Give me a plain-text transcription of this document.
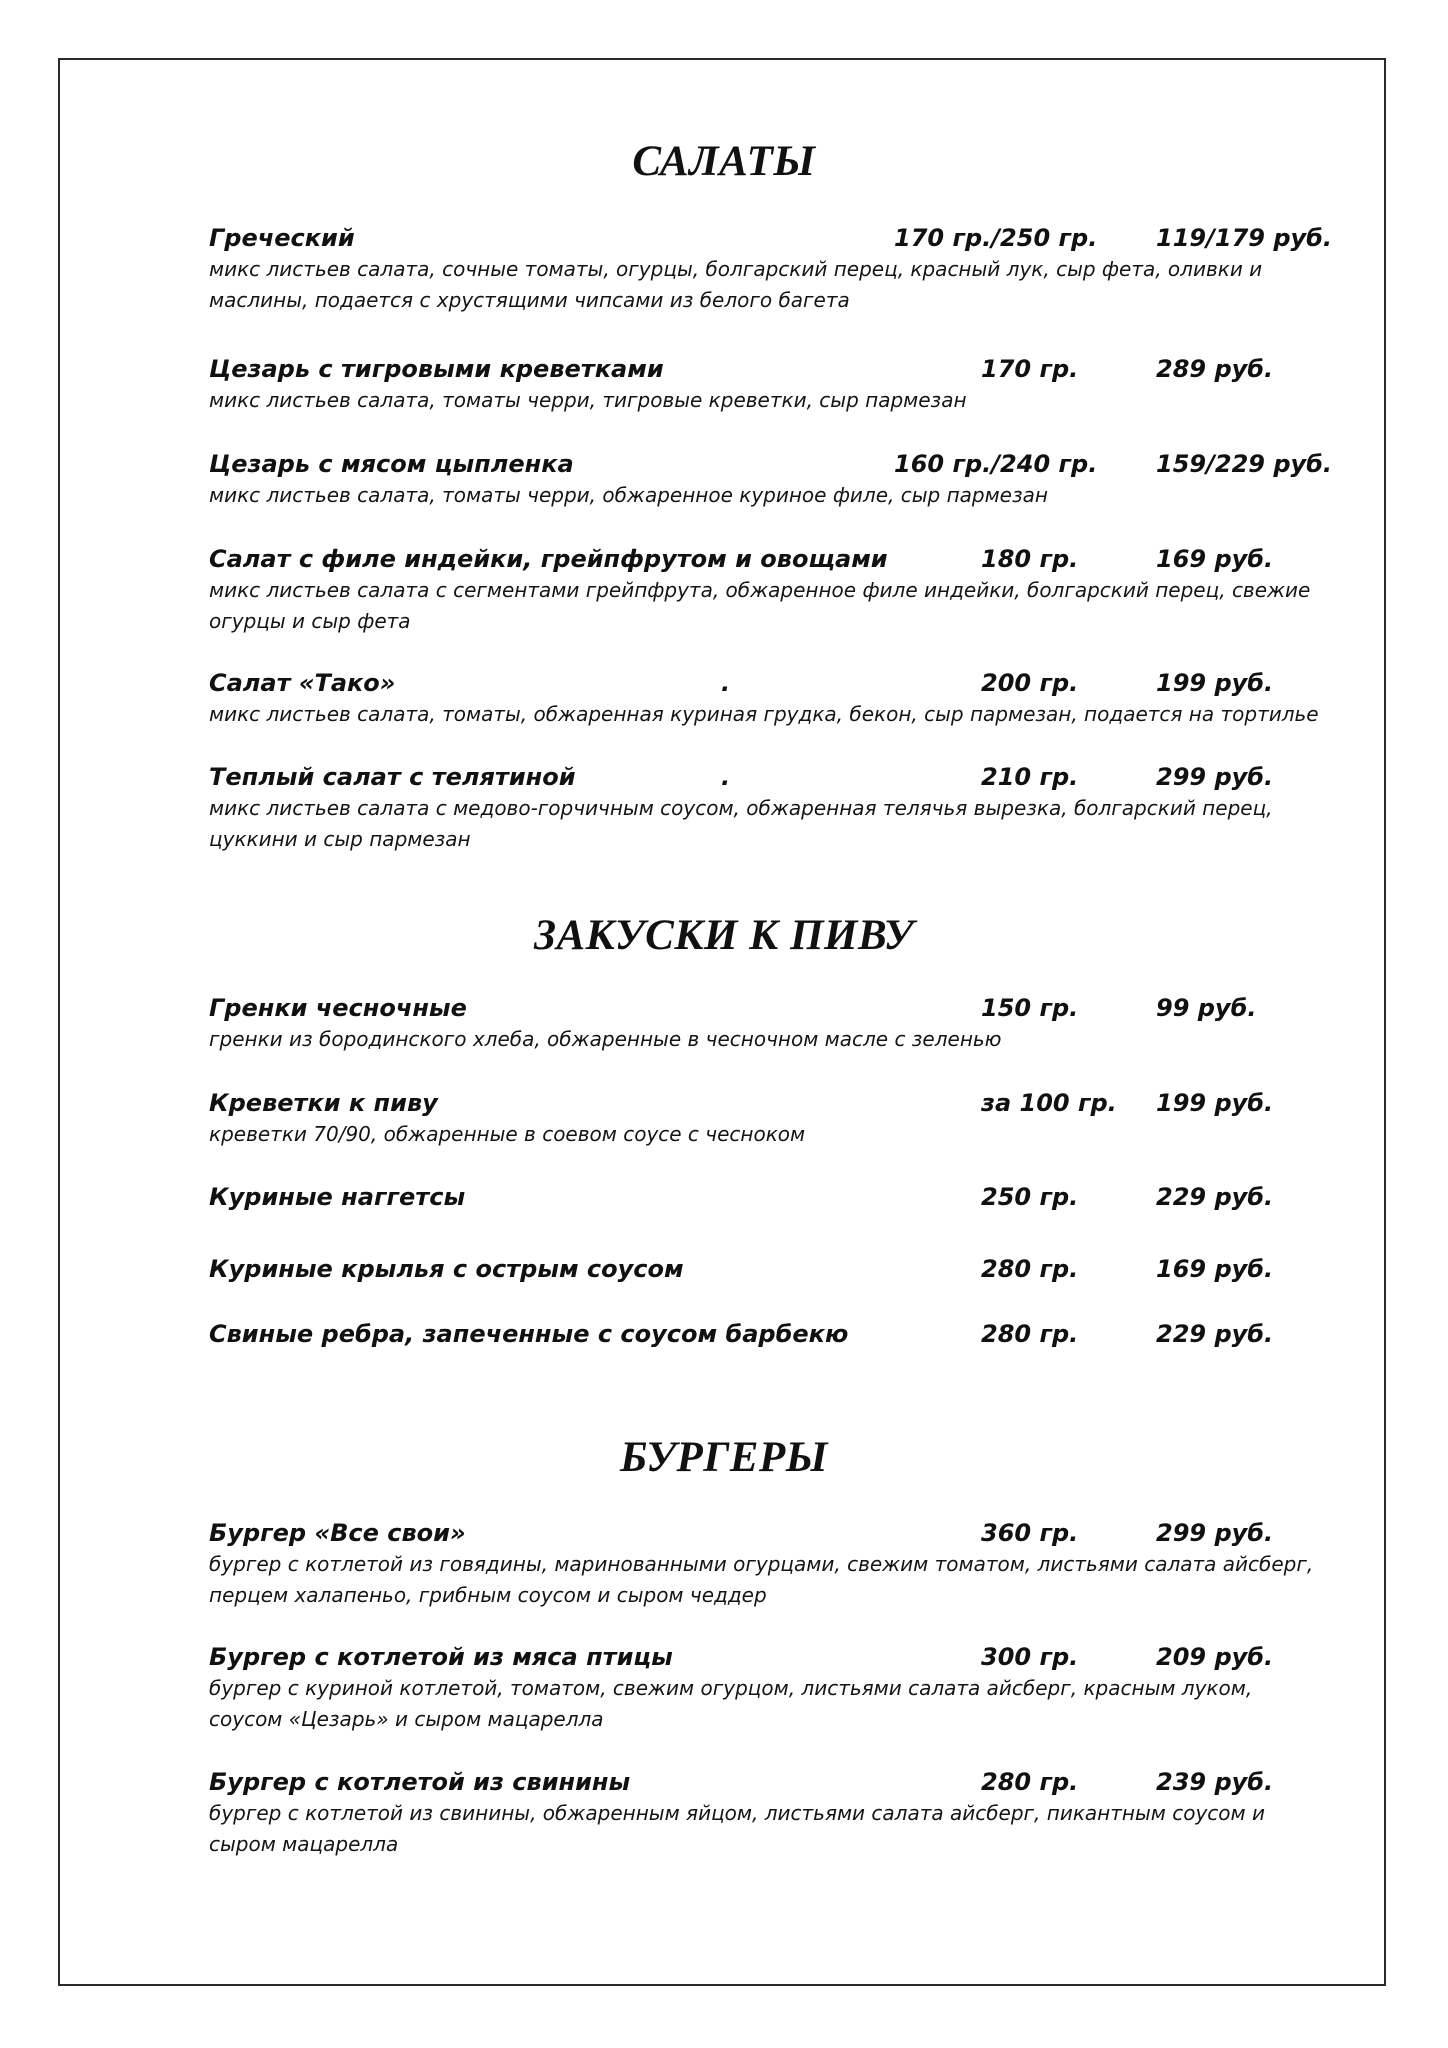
САЛАТЫ
Греческий	170 гр./250 гр. 119/179 руб.
микс листьев салата, сочные томаты, огурцы, болгарский перец, красный лук, сыр фета, оливки и
маслины, подается с хрустящими чипсами из белого багета
Цезарь с тигровыми креветками	170 гр.	289 руб.
микс листьев салата, томаты черри, тигровые креветки, сыр пармезан
Цезарь с мясом цыпленка	160 гр./240 гр. 159/229 руб.
микс листьев салата, томаты черри, обжаренное куриное филе, сыр пармезан
Салат с филе индейки, грейпфрутом и овощами	180 гр.	169 руб.
микс листьев салата с сегментами грейпфрута, обжаренное филе индейки, болгарский перец, свежие
огурцы и сыр фета
Салат «Тако»	.	200 гр.	199 руб.
микс листьев салата, томаты, обжаренная куриная грудка, бекон, сыр пармезан, подается на тортилье
Теплый салат с телятиной	.	210 гр.	299 руб.
микс листьев салата с медово-горчичным соусом, обжаренная телячья вырезка, болгарский перец,
цуккини и сыр пармезан
ЗАКУСКИ К ПИВУ
Гренки чесночные	150 гр.	99 руб.
гренки из бородинского хлеба, обжаренные в чесночном масле с зеленью
Креветки к пиву	за 100 гр. 199 руб.
креветки 70/90, обжаренные в соевом соусе с чесноком
Куриные наггетсы	250 гр.	229 руб.
Куриные крылья с острым соусом	280 гр.	169 руб.
Свиные ребра, запеченные с соусом барбекю	280 гр.	229 руб.
БУРГЕРЫ
Бургер «Все свои»	360 гр.	299 руб.
бургер с котлетой из говядины, маринованными огурцами, свежим томатом, листьями салата айсберг,
перцем халапеньо, грибным соусом и сыром чеддер
Бургер с котлетой из мяса птицы	300 гр.	209 руб.
бургер с куриной котлетой, томатом, свежим огурцом, листьями салата айсберг, красным луком,
соусом «Цезарь» и сыром мацарелла
Бургер с котлетой из свинины	280 гр.	239 руб.
бургер с котлетой из свинины, обжаренным яйцом, листьями салата айсберг, пикантным соусом и
сыром мацарелла
